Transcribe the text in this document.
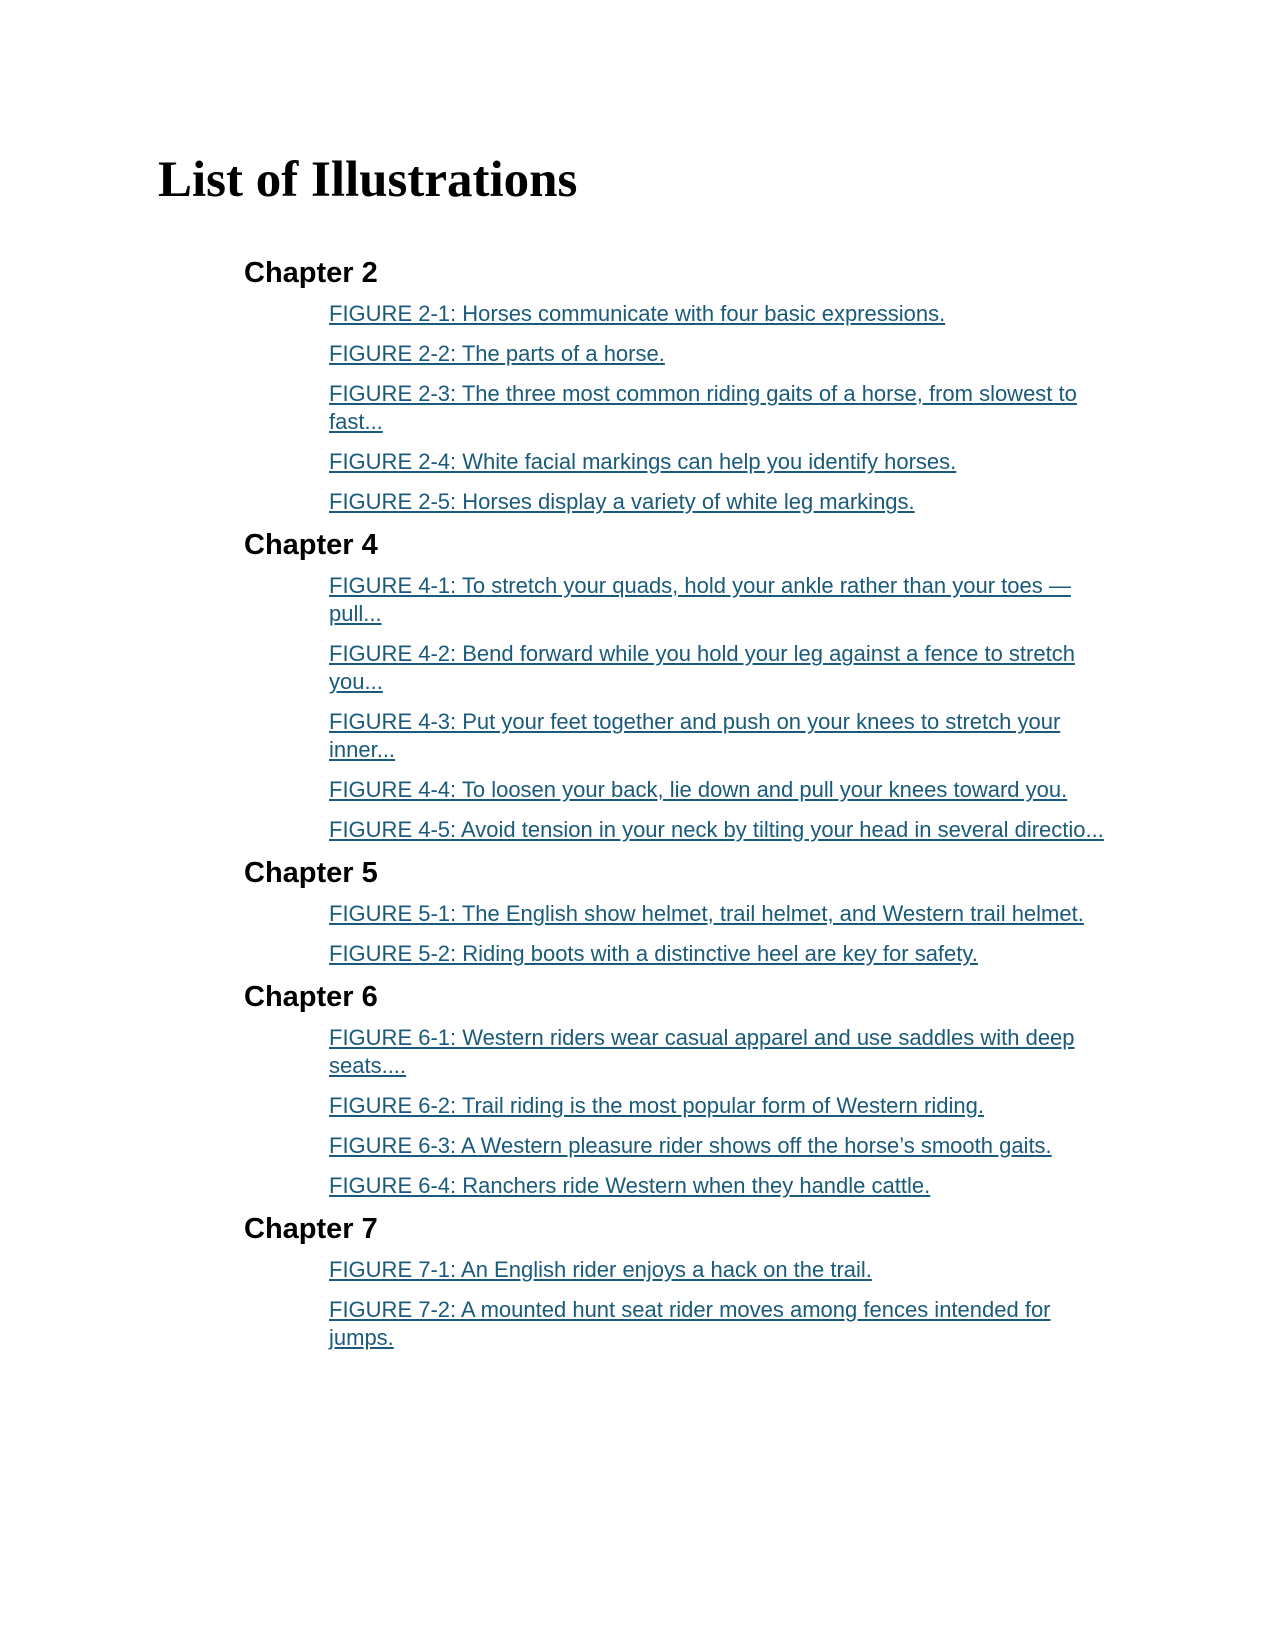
List of Illustrations
Chapter 2
FIGURE 2-1: Horses communicate with four basic expressions.
FIGURE 2-2: The parts of a horse.
FIGURE 2-3: The three most common riding gaits of a horse, from slowest to fast...
FIGURE 2-4: White facial markings can help you identify horses.
FIGURE 2-5: Horses display a variety of white leg markings.
Chapter 4
FIGURE 4-1: To stretch your quads, hold your ankle rather than your toes — pull...
FIGURE 4-2: Bend forward while you hold your leg against a fence to stretch you...
FIGURE 4-3: Put your feet together and push on your knees to stretch your inner...
FIGURE 4-4: To loosen your back, lie down and pull your knees toward you.
FIGURE 4-5: Avoid tension in your neck by tilting your head in several directio...
Chapter 5
FIGURE 5-1: The English show helmet, trail helmet, and Western trail helmet.
FIGURE 5-2: Riding boots with a distinctive heel are key for safety.
Chapter 6
FIGURE 6-1: Western riders wear casual apparel and use saddles with deep seats....
FIGURE 6-2: Trail riding is the most popular form of Western riding.
FIGURE 6-3: A Western pleasure rider shows off the horse’s smooth gaits.
FIGURE 6-4: Ranchers ride Western when they handle cattle.
Chapter 7
FIGURE 7-1: An English rider enjoys a hack on the trail.
FIGURE 7-2: A mounted hunt seat rider moves among fences intended for jumps.
